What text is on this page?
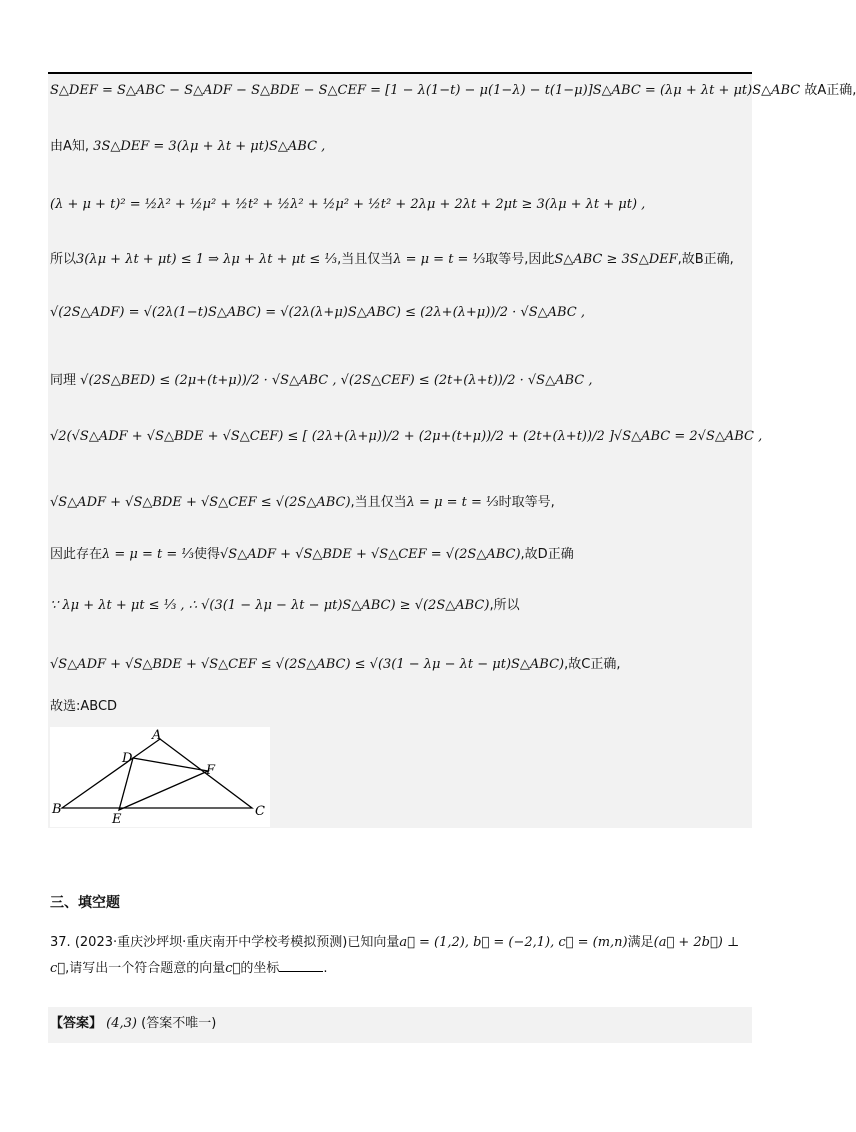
S△DEF = S△ABC − S△ADF − S△BDE − S△CEF = [1 − λ(1−t) − μ(1−λ) − t(1−μ)]S△ABC = (λμ + λt + μt)S△ABC 故A正确,
由A知, 3S△DEF = 3(λμ + λt + μt)S△ABC ,
(λ + μ + t)² = ½λ² + ½μ² + ½t² + ½λ² + ½μ² + ½t² + 2λμ + 2λt + 2μt ≥ 3(λμ + λt + μt) ,
所以3(λμ + λt + μt) ≤ 1 ⇒ λμ + λt + μt ≤ ⅓,当且仅当λ = μ = t = ⅓取等号,因此S△ABC ≥ 3S△DEF,故B正确,
√(2S△ADF) = √(2λ(1−t)S△ABC) = √(2λ(λ+μ)S△ABC) ≤ (2λ+(λ+μ))/2 · √S△ABC ,
同理 √(2S△BED) ≤ (2μ+(t+μ))/2 · √S△ABC , √(2S△CEF) ≤ (2t+(λ+t))/2 · √S△ABC ,
√2(√S△ADF + √S△BDE + √S△CEF) ≤ [ (2λ+(λ+μ))/2 + (2μ+(t+μ))/2 + (2t+(λ+t))/2 ]√S△ABC = 2√S△ABC ,
√S△ADF + √S△BDE + √S△CEF ≤ √(2S△ABC),当且仅当λ = μ = t = ⅓时取等号,
因此存在λ = μ = t = ⅓使得√S△ADF + √S△BDE + √S△CEF = √(2S△ABC),故D正确
∵ λμ + λt + μt ≤ ⅓ , ∴ √(3(1 − λμ − λt − μt)S△ABC) ≥ √(2S△ABC),所以
√S△ADF + √S△BDE + √S△CEF ≤ √(2S△ABC) ≤ √(3(1 − λμ − λt − μt)S△ABC),故C正确,
故选:ABCD
A
B	C
D
E
F
三、填空题
37. (2023·重庆沙坪坝·重庆南开中学校考模拟预测)已知向量a⃗ = (1,2), b⃗ = (−2,1), c⃗ = (m,n)满足(a⃗ + 2b⃗) ⊥ c⃗,请写出一个符合题意的向量c⃗的坐标	.
【答案】 (4,3) (答案不唯一)
